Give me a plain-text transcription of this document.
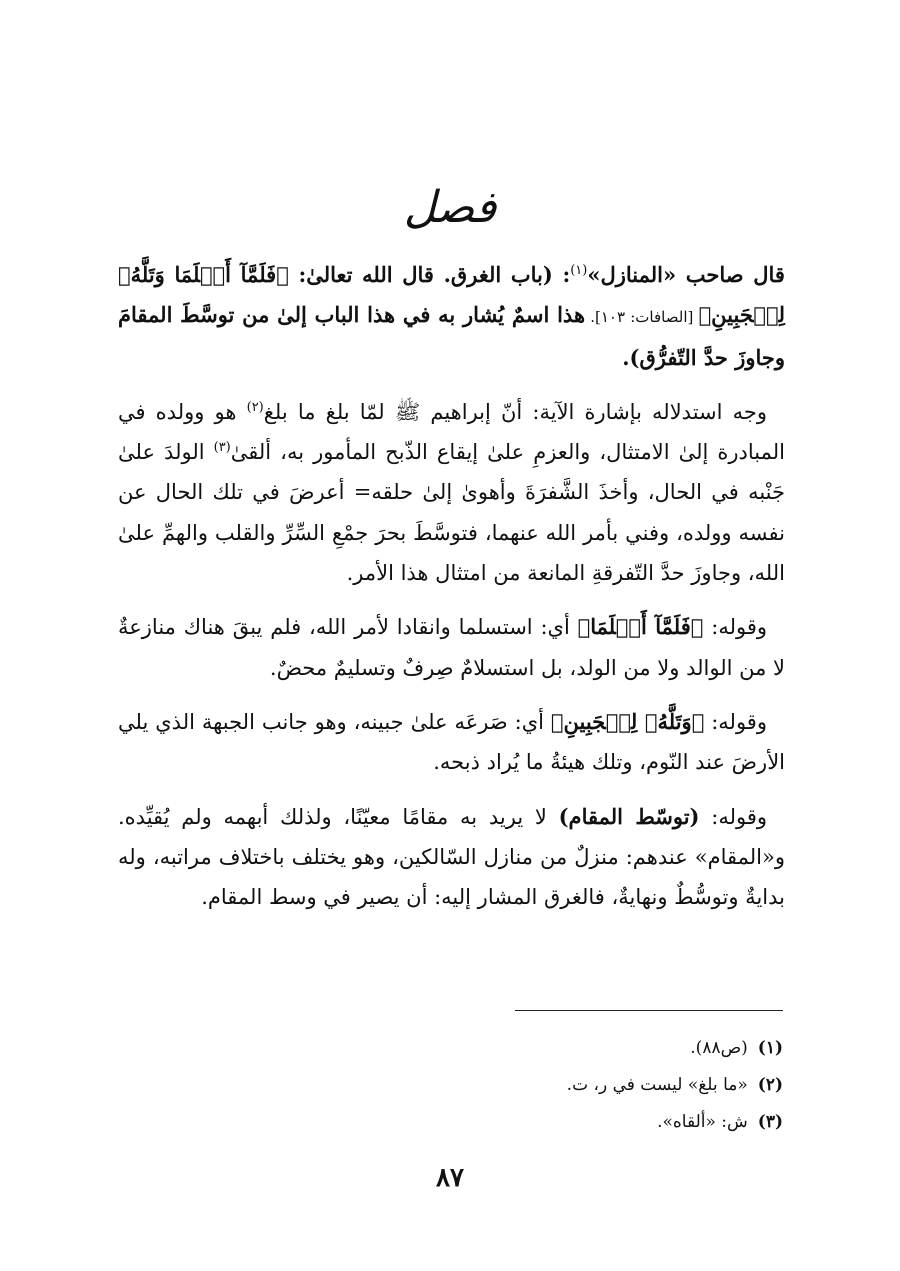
فصل

قال صاحب «المنازل»$^{(١)}$: (باب الغرق. قال الله تعالىٰ: ﴿فَلَمَّآ أَسۡلَمَا وَتَلَّهُۥ لِلۡجَبِينِ﴾ [الصافات: ١٠٣]. هذا اسمٌ يُشار به في هذا الباب إلىٰ من توسَّطَ المقامَ وجاوزَ حدَّ التّفرُّق).

وجه استدلاله بإشارة الآية: أنّ إبراهيم ﷺ لمّا بلغ ما بلغ$^{(٢)}$ هو وولده في المبادرة إلىٰ الامتثال، والعزمِ علىٰ إيقاع الذّبح المأمور به، ألقىٰ$^{(٣)}$ الولدَ علىٰ جَنْبه في الحال، وأخذَ الشَّفرَةَ وأهوىٰ إلىٰ حلقه= أعرضَ في تلك الحال عن نفسه وولده، وفني بأمر الله عنهما، فتوسَّطَ بحرَ جمْعِ السِّرِّ والقلب والهمِّ علىٰ الله، وجاوزَ حدَّ التّفرقةِ المانعة من امتثال هذا الأمر.

وقوله: ﴿فَلَمَّآ أَسۡلَمَا﴾ أي: استسلما وانقادا لأمر الله، فلم يبقَ هناك منازعةٌ لا من الوالد ولا من الولد، بل استسلامٌ صِرفٌ وتسليمٌ محضٌ.

وقوله: ﴿وَتَلَّهُۥ لِلۡجَبِينِ﴾ أي: صَرعَه علىٰ جبينه، وهو جانب الجبهة الذي يلي الأرضَ عند النّوم، وتلك هيئةُ ما يُراد ذبحه.

وقوله: (توسّط المقام) لا يريد به مقامًا معيّنًا، ولذلك أبهمه ولم يُقيِّده. و«المقام» عندهم: منزلٌ من منازل السّالكين، وهو يختلف باختلاف مراتبه، وله بدايةٌ وتوسُّطٌ ونهايةٌ، فالغرق المشار إليه: أن يصير في وسط المقام.

(١)(ص٨٨).
(٢)«ما بلغ» ليست في ر، ت.
(٣)ش: «ألقاه».
٨٧
